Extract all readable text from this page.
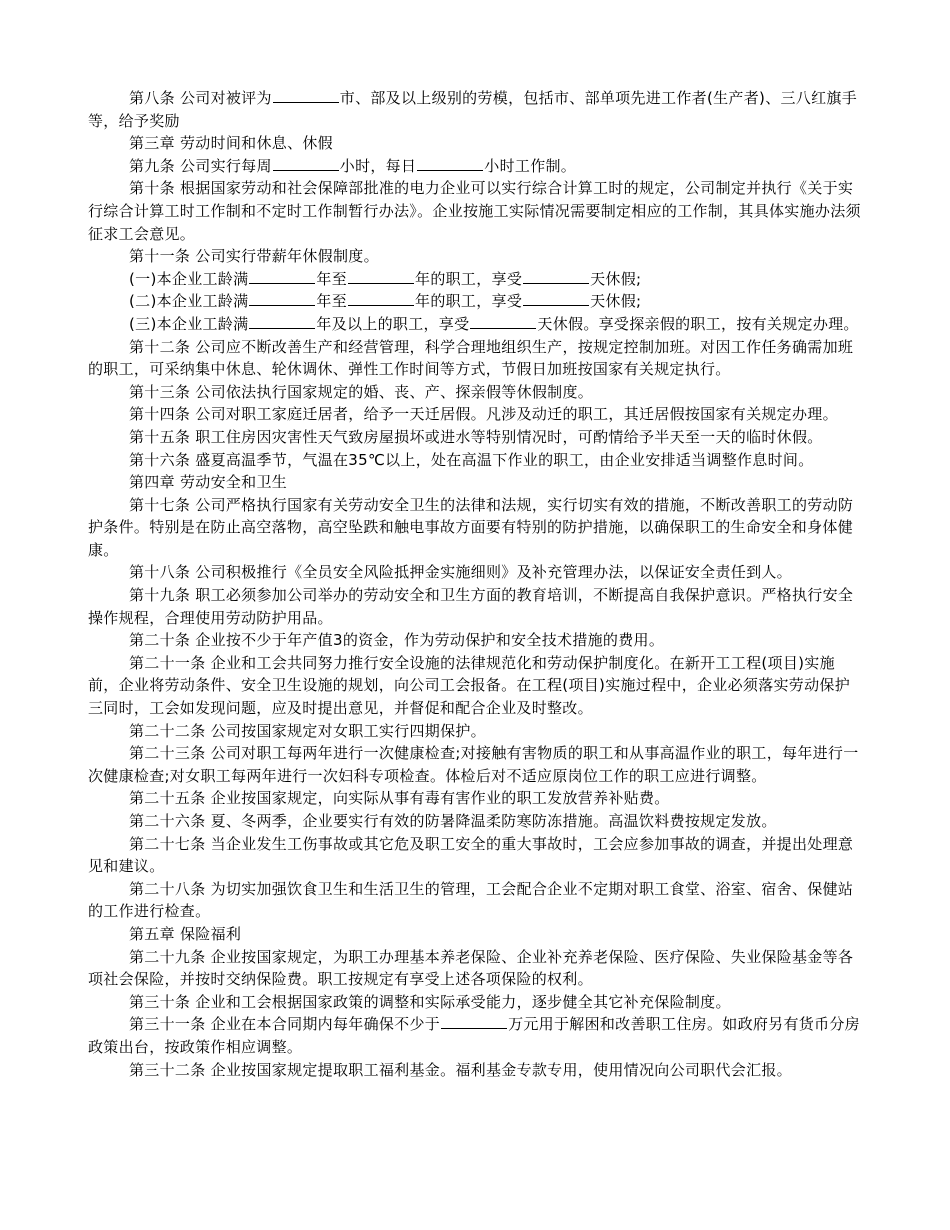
第八条 公司对被评为	市、部及以上级别的劳模，包括市、部单项先进工作者(生产者)、三八红旗手等，给予奖励

第三章 劳动时间和休息、休假

第九条 公司实行每周	小时，每日	小时工作制。

第十条 根据国家劳动和社会保障部批准的电力企业可以实行综合计算工时的规定，公司制定并执行《关于实行综合计算工时工作制和不定时工作制暂行办法》。企业按施工实际情况需要制定相应的工作制，其具体实施办法须征求工会意见。

第十一条 公司实行带薪年休假制度。

(一)本企业工龄满	年至	年的职工，享受	天休假;

(二)本企业工龄满	年至	年的职工，享受	天休假;

(三)本企业工龄满	年及以上的职工，享受	天休假。享受探亲假的职工，按有关规定办理。

第十二条 公司应不断改善生产和经营管理，科学合理地组织生产，按规定控制加班。对因工作任务确需加班的职工，可采纳集中休息、轮休调休、弹性工作时间等方式，节假日加班按国家有关规定执行。

第十三条 公司依法执行国家规定的婚、丧、产、探亲假等休假制度。

第十四条 公司对职工家庭迁居者，给予一天迁居假。凡涉及动迁的职工，其迁居假按国家有关规定办理。

第十五条 职工住房因灾害性天气致房屋损坏或进水等特别情况时，可酌情给予半天至一天的临时休假。

第十六条 盛夏高温季节，气温在35℃以上，处在高温下作业的职工，由企业安排适当调整作息时间。

第四章 劳动安全和卫生

第十七条 公司严格执行国家有关劳动安全卫生的法律和法规，实行切实有效的措施，不断改善职工的劳动防护条件。特别是在防止高空落物，高空坠跌和触电事故方面要有特别的防护措施，以确保职工的生命安全和身体健康。

第十八条 公司积极推行《全员安全风险抵押金实施细则》及补充管理办法，以保证安全责任到人。

第十九条 职工必须参加公司举办的劳动安全和卫生方面的教育培训，不断提高自我保护意识。严格执行安全操作规程，合理使用劳动防护用品。

第二十条 企业按不少于年产值3的资金，作为劳动保护和安全技术措施的费用。

第二十一条 企业和工会共同努力推行安全设施的法律规范化和劳动保护制度化。在新开工工程(项目)实施前，企业将劳动条件、安全卫生设施的规划，向公司工会报备。在工程(项目)实施过程中，企业必须落实劳动保护三同时，工会如发现问题，应及时提出意见，并督促和配合企业及时整改。

第二十二条 公司按国家规定对女职工实行四期保护。

第二十三条 公司对职工每两年进行一次健康检查;对接触有害物质的职工和从事高温作业的职工，每年进行一次健康检查;对女职工每两年进行一次妇科专项检查。体检后对不适应原岗位工作的职工应进行调整。

第二十五条 企业按国家规定，向实际从事有毒有害作业的职工发放营养补贴费。

第二十六条 夏、冬两季，企业要实行有效的防暑降温柔防寒防冻措施。高温饮料费按规定发放。

第二十七条 当企业发生工伤事故或其它危及职工安全的重大事故时，工会应参加事故的调查，并提出处理意见和建议。

第二十八条 为切实加强饮食卫生和生活卫生的管理，工会配合企业不定期对职工食堂、浴室、宿舍、保健站的工作进行检查。

第五章 保险福利

第二十九条 企业按国家规定，为职工办理基本养老保险、企业补充养老保险、医疗保险、失业保险基金等各项社会保险，并按时交纳保险费。职工按规定有享受上述各项保险的权利。

第三十条 企业和工会根据国家政策的调整和实际承受能力，逐步健全其它补充保险制度。

第三十一条 企业在本合同期内每年确保不少于	万元用于解困和改善职工住房。如政府另有货币分房政策出台，按政策作相应调整。

第三十二条 企业按国家规定提取职工福利基金。福利基金专款专用，使用情况向公司职代会汇报。
